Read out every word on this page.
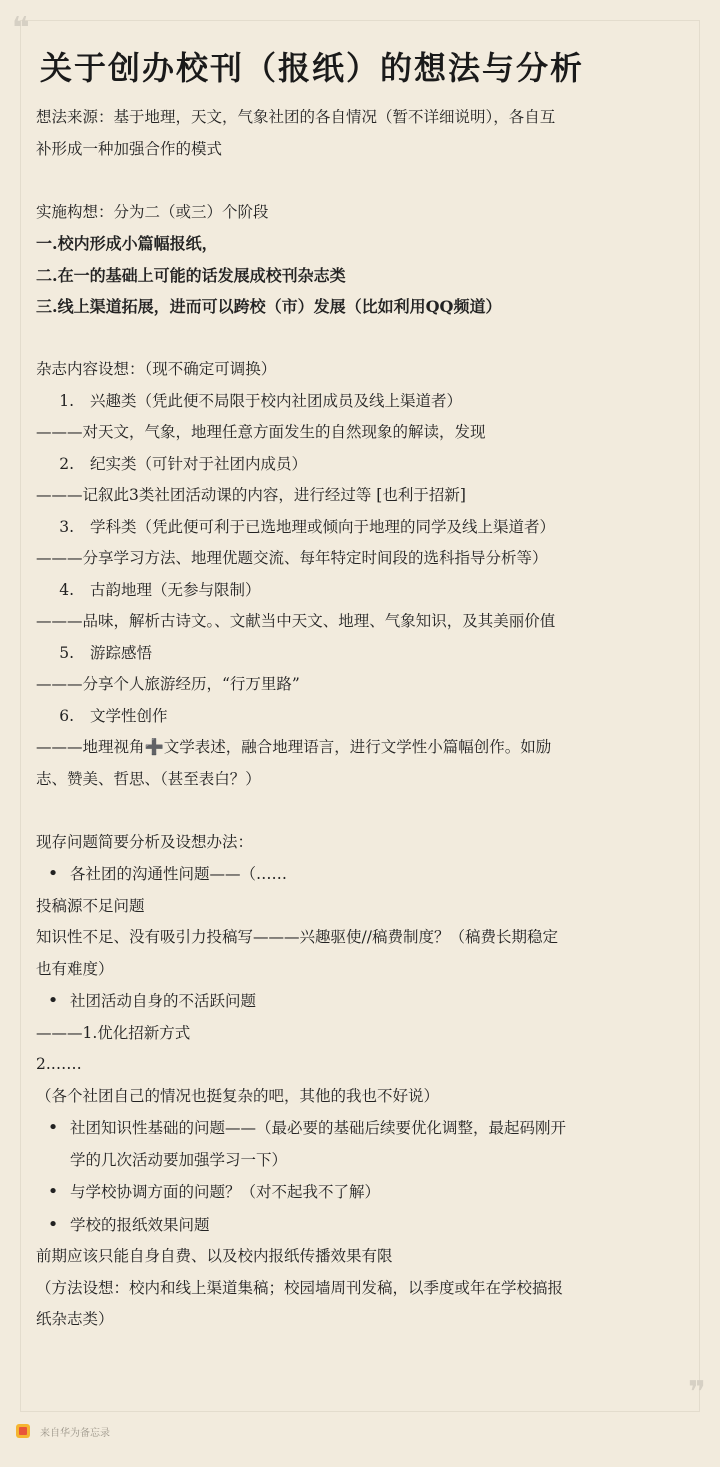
❝
❞
关于创办校刊（报纸）的想法与分析
想法来源：基于地理，天文，气象社团的各自情况（暂不详细说明），各自互
补形成一种加强合作的模式
实施构想：分为二（或三）个阶段
一.校内形成小篇幅报纸，
二.在一的基础上可能的话发展成校刊杂志类
三.线上渠道拓展，进而可以跨校（市）发展（比如利用QQ频道）
杂志内容设想：（现不确定可调换）
1. 兴趣类（凭此便不局限于校内社团成员及线上渠道者）
———对天文，气象，地理任意方面发生的自然现象的解读，发现
2. 纪实类（可针对于社团内成员）
———记叙此3类社团活动课的内容，进行经过等 [也利于招新]
3. 学科类（凭此便可利于已选地理或倾向于地理的同学及线上渠道者）
———分享学习方法、地理优题交流、每年特定时间段的选科指导分析等）
4. 古韵地理（无参与限制）
———品味，解析古诗文。、文献当中天文、地理、气象知识，及其美丽价值
5. 游踪感悟
———分享个人旅游经历，“行万里路”
6. 文学性创作
———地理视角➕文学表述，融合地理语言，进行文学性小篇幅创作。如励
志、赞美、哲思、（甚至表白？）
现存问题简要分析及设想办法：
• 各社团的沟通性问题——（……
投稿源不足问题
知识性不足、没有吸引力投稿写———兴趣驱使//稿费制度？（稿费长期稳定
也有难度）
• 社团活动自身的不活跃问题
———1.优化招新方式
2.……
（各个社团自己的情况也挺复杂的吧，其他的我也不好说）
• 社团知识性基础的问题——（最必要的基础后续要优化调整，最起码刚开
学的几次活动要加强学习一下）
• 与学校协调方面的问题？（对不起我不了解）
• 学校的报纸效果问题
前期应该只能自身自费、以及校内报纸传播效果有限
（方法设想：校内和线上渠道集稿；校园墙周刊发稿，以季度或年在学校搞报
纸杂志类）
来自华为备忘录
